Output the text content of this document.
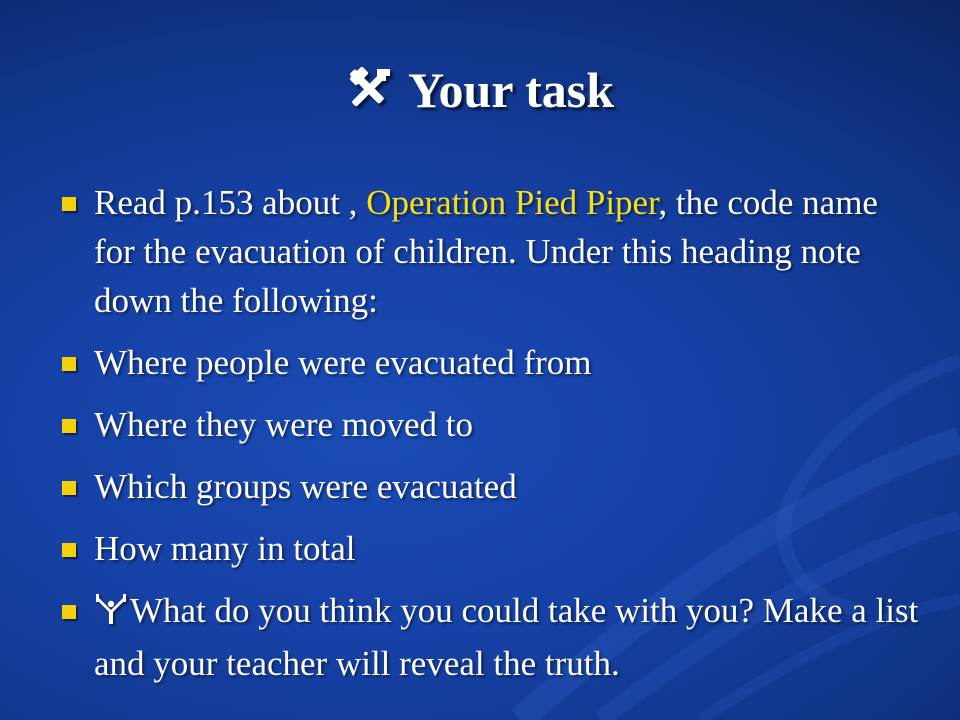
Your task
Read p.153 about , Operation Pied Piper, the code name for the evacuation of children. Under this heading note down the following:
Where people were evacuated from
Where they were moved to
Which groups were evacuated
How many in total
What do you think you could take with you? Make a list and your teacher will reveal the truth.
